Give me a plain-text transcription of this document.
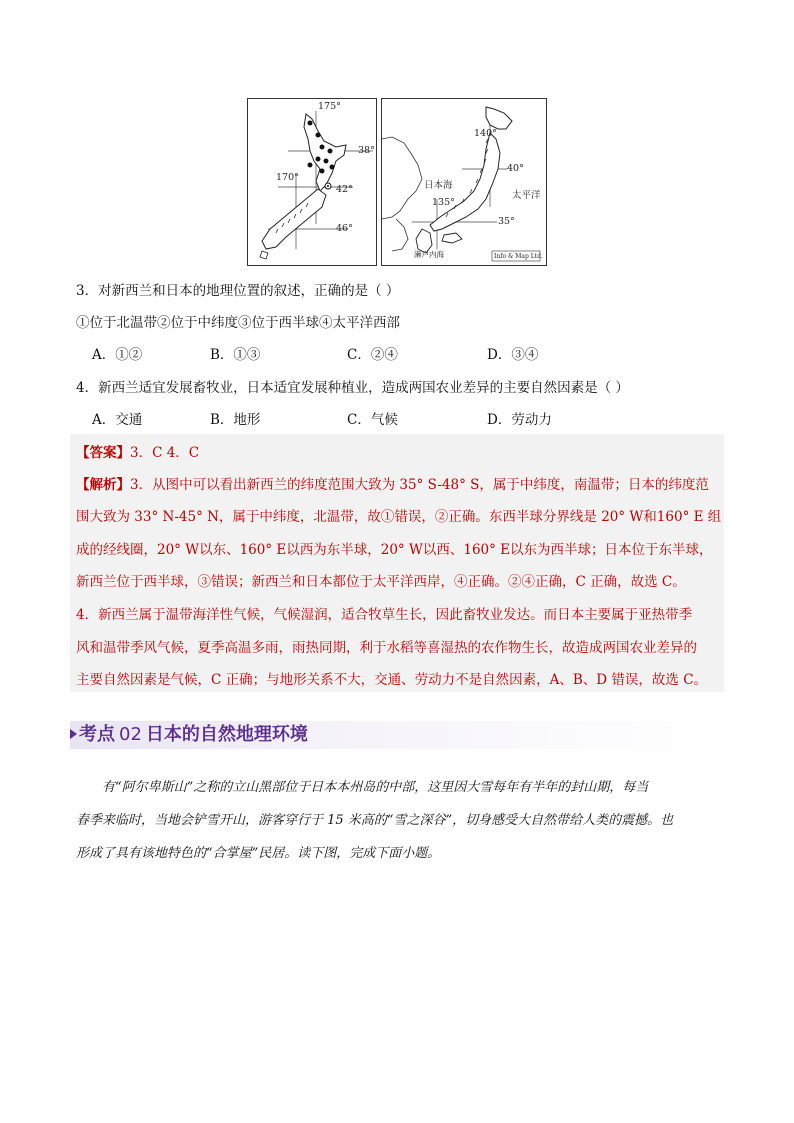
175°
38°
170°
42°
46°
140°
40°
日本海
太平洋
135°
35°
濑户内海	Info & Map Ltd.
3．对新西兰和日本的地理位置的叙述，正确的是（ ）
①位于北温带②位于中纬度③位于西半球④太平洋西部
A．①②	B．①③	C．②④	D．③④
4．新西兰适宜发展畜牧业，日本适宜发展种植业，造成两国农业差异的主要自然因素是（ ）
A．交通	B．地形	C．气候	D．劳动力
【答案】3．C 4．C
【解析】3．从图中可以看出新西兰的纬度范围大致为 35° S-48° S，属于中纬度，南温带；日本的纬度范
围大致为 33° N-45° N，属于中纬度，北温带，故①错误，②正确。东西半球分界线是 20° W和160° E 组
成的经线圈，20° W以东、160° E以西为东半球，20° W以西、160° E以东为西半球；日本位于东半球，
新西兰位于西半球，③错误；新西兰和日本都位于太平洋西岸，④正确。②④正确，C 正确，故选 C。
4．新西兰属于温带海洋性气候，气候湿润，适合牧草生长，因此畜牧业发达。而日本主要属于亚热带季
风和温带季风气候，夏季高温多雨，雨热同期，利于水稻等喜湿热的农作物生长，故造成两国农业差异的
主要自然因素是气候，C 正确；与地形关系不大，交通、劳动力不是自然因素，A、B、D 错误，故选 C。
考点 02 日本的自然地理环境
有“阿尔卑斯山”之称的立山黑部位于日本本州岛的中部，这里因大雪每年有半年的封山期，每当
春季来临时，当地会铲雪开山，游客穿行于 15 米高的“雪之深谷”，切身感受大自然带给人类的震撼。也
形成了具有该地特色的“合掌屋”民居。读下图，完成下面小题。
